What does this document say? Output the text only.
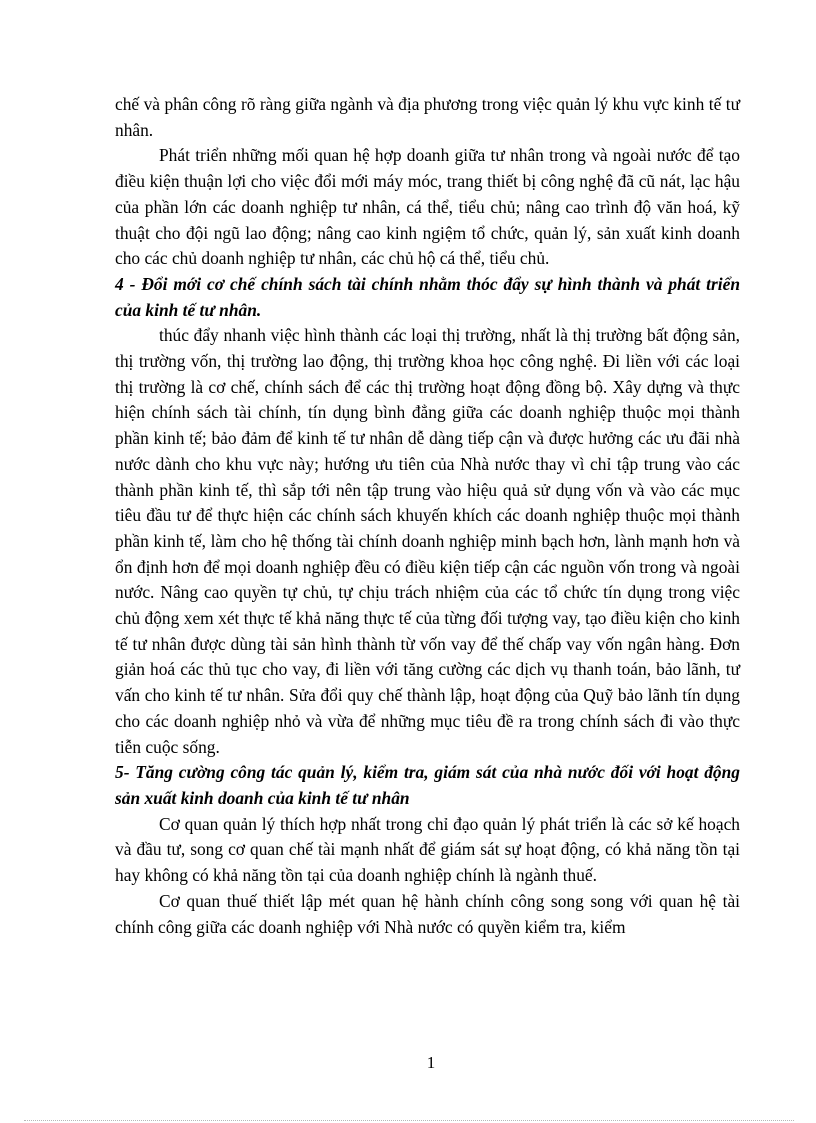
chế và phân công rõ ràng giữa ngành và địa phương trong việc quản lý khu vực kinh tế tư nhân.

Phát triển những mối quan hệ hợp doanh giữa tư nhân trong và ngoài nước để tạo điều kiện thuận lợi cho việc đổi mới máy móc, trang thiết bị công nghệ đã cũ nát, lạc hậu của phần lớn các doanh nghiệp tư nhân, cá thể, tiểu chủ; nâng cao trình độ văn hoá, kỹ thuật cho đội ngũ lao động; nâng cao kinh ngiệm tổ chức, quản lý, sản xuất kinh doanh cho các chủ doanh nghiệp tư nhân, các chủ hộ cá thể, tiểu chủ.

4 - Đổi mới cơ chế chính sách tài chính nhằm thóc đẩy sự hình thành và phát triển của kinh tế tư nhân.

thúc đẩy nhanh việc hình thành các loại thị trường, nhất là thị trường bất động sản, thị trường vốn, thị trường lao động, thị trường khoa học công nghệ. Đi liền với các loại thị trường là cơ chế, chính sách để các thị trường hoạt động đồng bộ. Xây dựng và thực hiện chính sách tài chính, tín dụng bình đẳng giữa các doanh nghiệp thuộc mọi thành phần kinh tế; bảo đảm để kinh tế tư nhân dễ dàng tiếp cận và được hưởng các ưu đãi nhà nước dành cho khu vực này; hướng ưu tiên của Nhà nước thay vì chỉ tập trung vào các thành phần kinh tế, thì sắp tới nên tập trung vào hiệu quả sử dụng vốn và vào các mục tiêu đầu tư để thực hiện các chính sách khuyến khích các doanh nghiệp thuộc mọi thành phần kinh tế, làm cho hệ thống tài chính doanh nghiệp minh bạch hơn, lành mạnh hơn và ổn định hơn để mọi doanh nghiệp đều có điều kiện tiếp cận các nguồn vốn trong và ngoài nước. Nâng cao quyền tự chủ, tự chịu trách nhiệm của các tổ chức tín dụng trong việc chủ động xem xét thực tế khả năng thực tế của từng đối tượng vay, tạo điều kiện cho kinh tế tư nhân được dùng tài sản hình thành từ vốn vay để thế chấp vay vốn ngân hàng. Đơn giản hoá các thủ tục cho vay, đi liền với tăng cường các dịch vụ thanh toán, bảo lãnh, tư vấn cho kinh tế tư nhân. Sửa đổi quy chế thành lập, hoạt động của Quỹ bảo lãnh tín dụng cho các doanh nghiệp nhỏ và vừa để những mục tiêu đề ra trong chính sách đi vào thực tiễn cuộc sống.

5- Tăng cường công tác quản lý, kiểm tra, giám sát của nhà nước đối với hoạt động sản xuất kinh doanh của kinh tế tư nhân

Cơ quan quản lý thích hợp nhất trong chỉ đạo quản lý phát triển là các sở kế hoạch và đầu tư, song cơ quan chế tài mạnh nhất để giám sát sự hoạt động, có khả năng tồn tại hay không có khả năng tồn tại của doanh nghiệp chính là ngành thuế.

Cơ quan thuế thiết lập mét quan hệ hành chính công song song với quan hệ tài chính công giữa các doanh nghiệp với Nhà nước có quyền kiểm tra, kiểm

1
